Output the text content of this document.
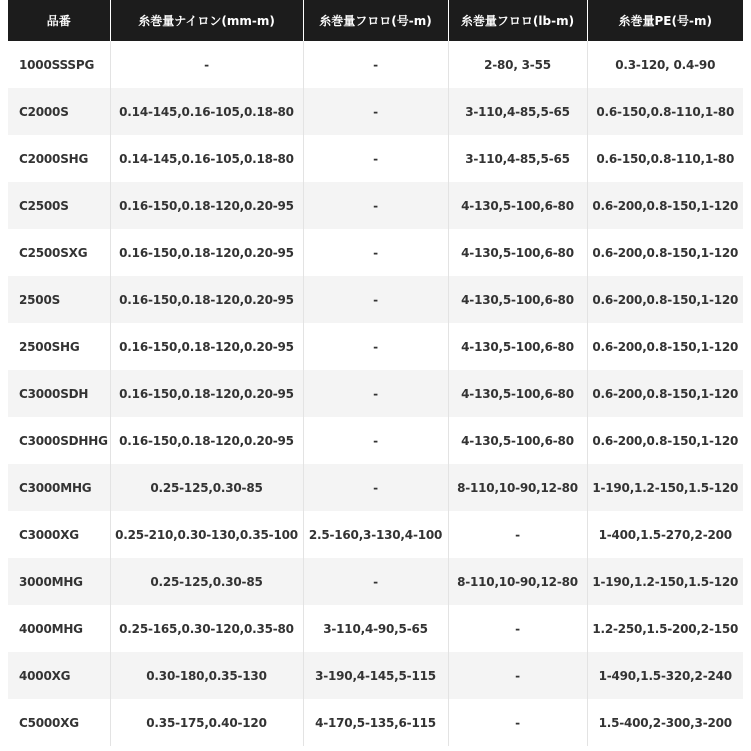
品番	糸巻量ナイロン(mm-m)	糸巻量フロロ(号-m)	糸巻量フロロ(lb-m)	糸巻量PE(号-m)
1000SSSPG	-	-	2-80, 3-55	0.3-120, 0.4-90
C2000S	0.14-145,0.16-105,0.18-80	-	3-110,4-85,5-65	0.6-150,0.8-110,1-80
C2000SHG	0.14-145,0.16-105,0.18-80	-	3-110,4-85,5-65	0.6-150,0.8-110,1-80
C2500S	0.16-150,0.18-120,0.20-95	-	4-130,5-100,6-80	0.6-200,0.8-150,1-120
C2500SXG	0.16-150,0.18-120,0.20-95	-	4-130,5-100,6-80	0.6-200,0.8-150,1-120
2500S	0.16-150,0.18-120,0.20-95	-	4-130,5-100,6-80	0.6-200,0.8-150,1-120
2500SHG	0.16-150,0.18-120,0.20-95	-	4-130,5-100,6-80	0.6-200,0.8-150,1-120
C3000SDH	0.16-150,0.18-120,0.20-95	-	4-130,5-100,6-80	0.6-200,0.8-150,1-120
C3000SDHHG	0.16-150,0.18-120,0.20-95	-	4-130,5-100,6-80	0.6-200,0.8-150,1-120
C3000MHG	0.25-125,0.30-85	-	8-110,10-90,12-80	1-190,1.2-150,1.5-120
C3000XG	0.25-210,0.30-130,0.35-100	2.5-160,3-130,4-100	-	1-400,1.5-270,2-200
3000MHG	0.25-125,0.30-85	-	8-110,10-90,12-80	1-190,1.2-150,1.5-120
4000MHG	0.25-165,0.30-120,0.35-80	3-110,4-90,5-65	-	1.2-250,1.5-200,2-150
4000XG	0.30-180,0.35-130	3-190,4-145,5-115	-	1-490,1.5-320,2-240
C5000XG	0.35-175,0.40-120	4-170,5-135,6-115	-	1.5-400,2-300,3-200
